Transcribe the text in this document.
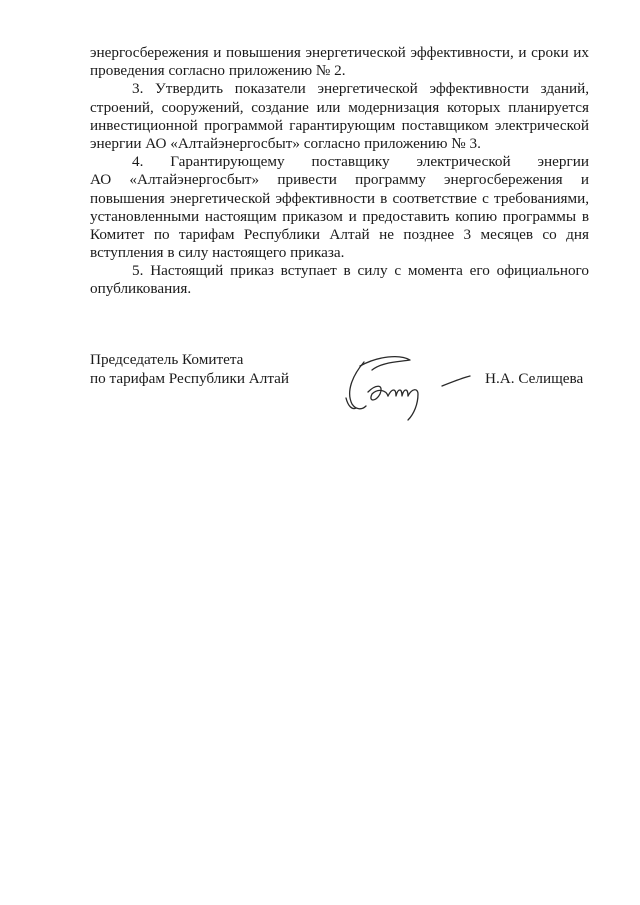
энергосбережения и повышения энергетической эффективности, и сроки их
проведения согласно приложению № 2.
3. Утвердить показатели энергетической эффективности зданий,
строений, сооружений, создание или модернизация которых планируется
инвестиционной программой гарантирующим поставщиком электрической
энергии АО «Алтайэнергосбыт» согласно приложению № 3.
4. Гарантирующему поставщику электрической энергии
АО «Алтайэнергосбыт» привести программу энергосбережения и
повышения энергетической эффективности в соответствие с требованиями,
установленными настоящим приказом и предоставить копию программы в
Комитет по тарифам Республики Алтай не позднее 3 месяцев со дня
вступления в силу настоящего приказа.
5. Настоящий приказ вступает в силу с момента его официального
опубликования.
Председатель Комитета
по тарифам Республики Алтай	Н.А. Селищева
